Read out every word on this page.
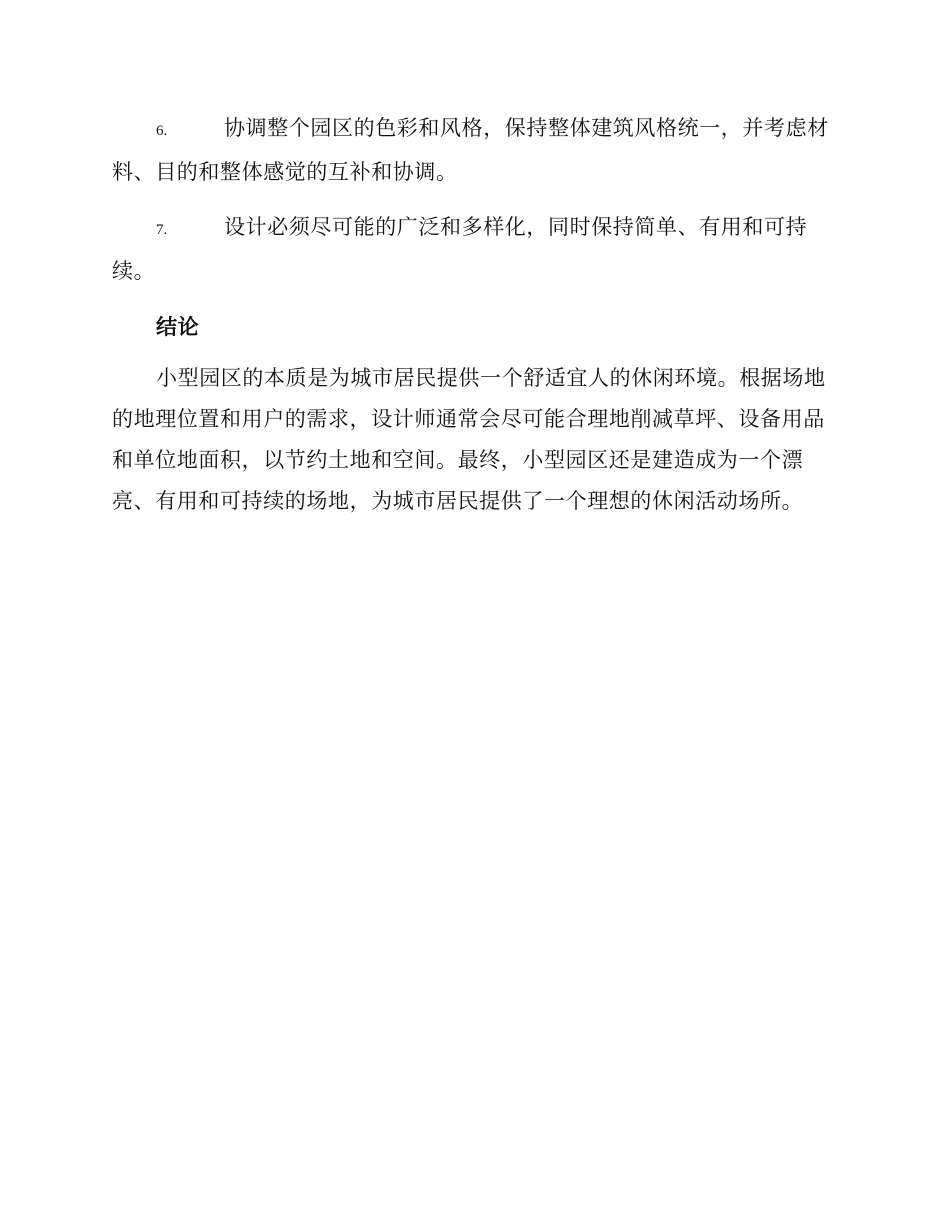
6.	协调整个园区的色彩和风格，保持整体建筑风格统一，并考虑材料、目的和整体感觉的互补和协调。

7.	设计必须尽可能的广泛和多样化，同时保持简单、有用和可持续。

结论

小型园区的本质是为城市居民提供一个舒适宜人的休闲环境。根据场地的地理位置和用户的需求，设计师通常会尽可能合理地削减草坪、设备用品和单位地面积，以节约土地和空间。最终，小型园区还是建造成为一个漂亮、有用和可持续的场地，为城市居民提供了一个理想的休闲活动场所。
